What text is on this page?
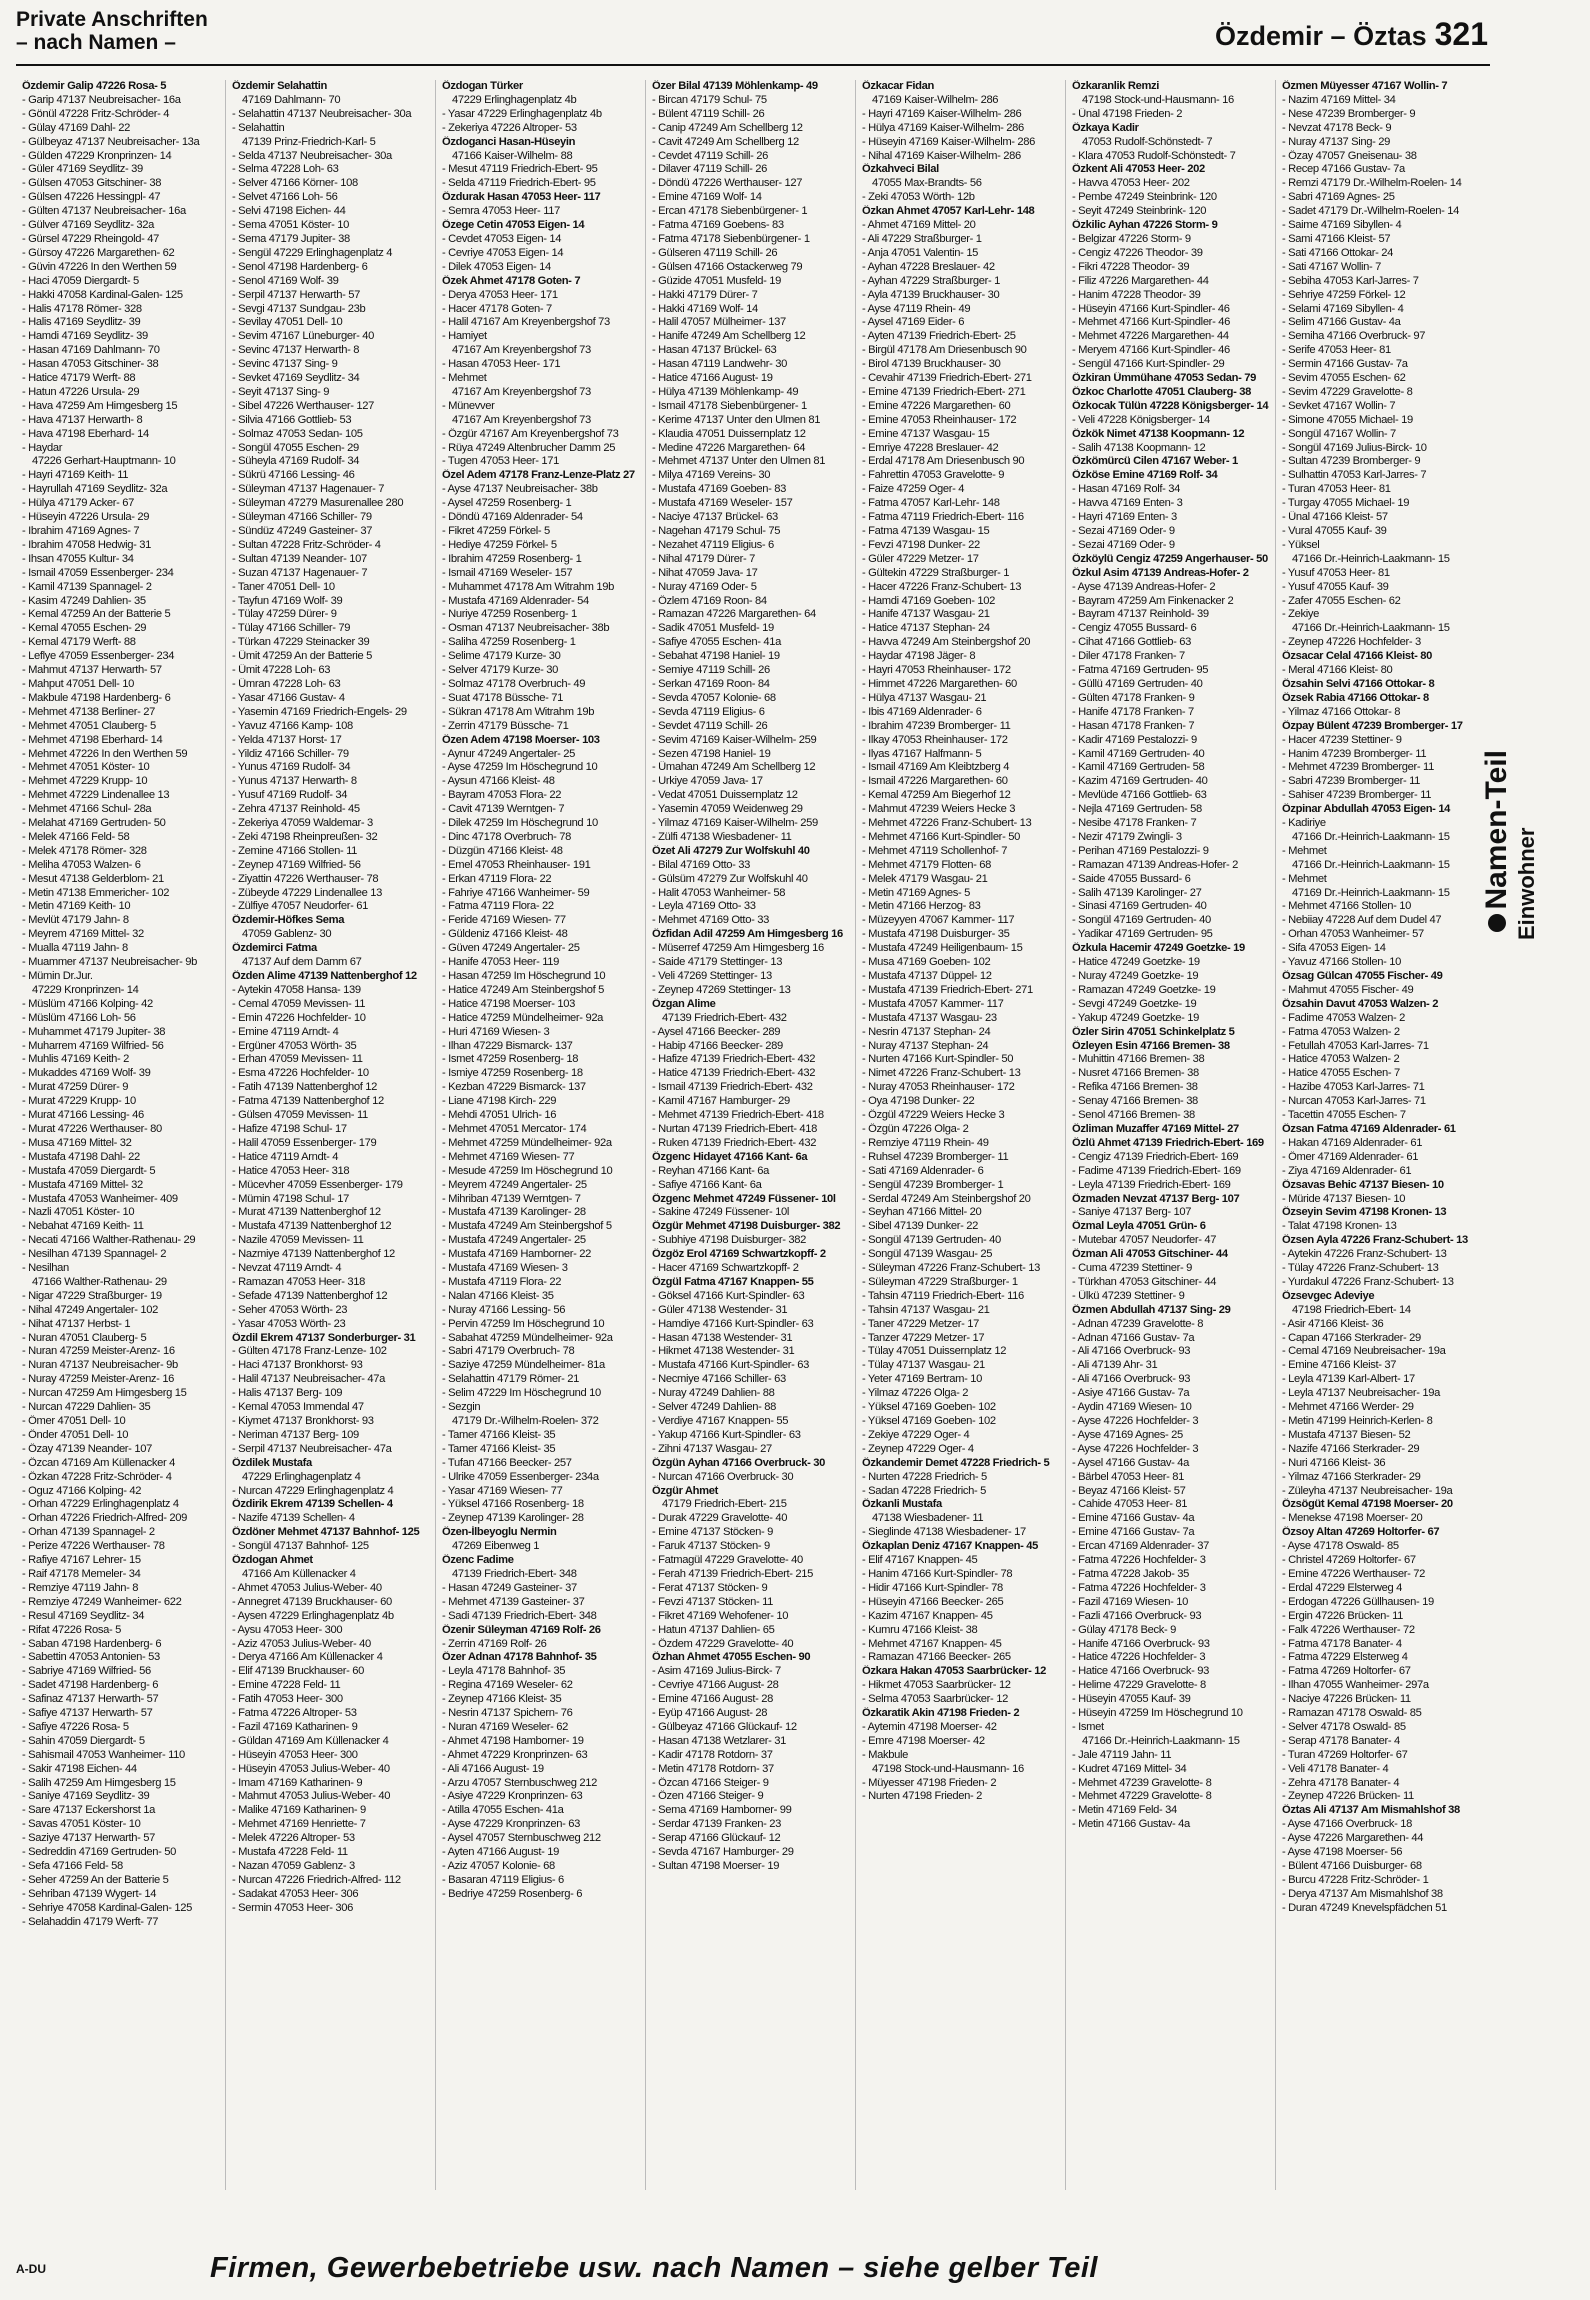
Private Anschriften
– nach Namen –	Özdemir – Öztas 321
Özdemir Galip 47226 Rosa- 5
- Garip 47137 Neubreisacher- 16a
- Gönül 47228 Fritz-Schröder- 4
- Gülay 47169 Dahl- 22
- Gülbeyaz 47137 Neubreisacher- 13a
- Gülden 47229 Kronprinzen- 14
- Güler 47169 Seydlitz- 39
- Gülsen 47053 Gitschiner- 38
- Gülsen 47226 Hessingpl- 47
- Gülten 47137 Neubreisacher- 16a
- Gülver 47169 Seydlitz- 32a
- Gürsel 47229 Rheingold- 47
- Gürsoy 47226 Margarethen- 62
- Güvin 47226 In den Werthen 59
- Haci 47059 Diergardt- 5
- Hakki 47058 Kardinal-Galen- 125
- Halis 47178 Römer- 328
- Halis 47169 Seydlitz- 39
- Hamdi 47169 Seydlitz- 39
- Hasan 47169 Dahlmann- 70
- Hasan 47053 Gitschiner- 38
- Hatice 47179 Werft- 88
- Hatun 47226 Ursula- 29
- Hava 47259 Am Himgesberg 15
- Hava 47137 Herwarth- 8
- Hava 47198 Eberhard- 14
- Haydar
47226 Gerhart-Hauptmann- 10
- Hayri 47169 Keith- 11
- Hayrullah 47169 Seydlitz- 32a
- Hülya 47179 Acker- 67
- Hüseyin 47226 Ursula- 29
- Ibrahim 47169 Agnes- 7
- Ibrahim 47058 Hedwig- 31
- Ihsan 47055 Kultur- 34
- Ismail 47059 Essenberger- 234
- Kamil 47139 Spannagel- 2
- Kasim 47249 Dahlien- 35
- Kemal 47259 An der Batterie 5
- Kemal 47055 Eschen- 29
- Kemal 47179 Werft- 88
- Leflye 47059 Essenberger- 234
- Mahmut 47137 Herwarth- 57
- Mahput 47051 Dell- 10
- Makbule 47198 Hardenberg- 6
- Mehmet 47138 Berliner- 27
- Mehmet 47051 Clauberg- 5
- Mehmet 47198 Eberhard- 14
- Mehmet 47226 In den Werthen 59
- Mehmet 47051 Köster- 10
- Mehmet 47229 Krupp- 10
- Mehmet 47229 Lindenallee 13
- Mehmet 47166 Schul- 28a
- Melahat 47169 Gertruden- 50
- Melek 47166 Feld- 58
- Melek 47178 Römer- 328
- Meliha 47053 Walzen- 6
- Mesut 47138 Gelderblom- 21
- Metin 47138 Emmericher- 102
- Metin 47169 Keith- 10
- Mevlüt 47179 Jahn- 8
- Meyrem 47169 Mittel- 32
- Mualla 47119 Jahn- 8
- Muammer 47137 Neubreisacher- 9b
- Mümin Dr.Jur.
47229 Kronprinzen- 14
- Müslüm 47166 Kolping- 42
- Müslüm 47166 Loh- 56
- Muhammet 47179 Jupiter- 38
- Muharrem 47169 Wilfried- 56
- Muhlis 47169 Keith- 2
- Mukaddes 47169 Wolf- 39
- Murat 47259 Dürer- 9
- Murat 47229 Krupp- 10
- Murat 47166 Lessing- 46
- Murat 47226 Werthauser- 80
- Musa 47169 Mittel- 32
- Mustafa 47198 Dahl- 22
- Mustafa 47059 Diergardt- 5
- Mustafa 47169 Mittel- 32
- Mustafa 47053 Wanheimer- 409
- Nazli 47051 Köster- 10
- Nebahat 47169 Keith- 11
- Necati 47166 Walther-Rathenau- 29
- Nesilhan 47139 Spannagel- 2
- Nesilhan
47166 Walther-Rathenau- 29
- Nigar 47229 Straßburger- 19
- Nihal 47249 Angertaler- 102
- Nihat 47137 Herbst- 1
- Nuran 47051 Clauberg- 5
- Nuran 47259 Meister-Arenz- 16
- Nuran 47137 Neubreisacher- 9b
- Nuray 47259 Meister-Arenz- 16
- Nurcan 47259 Am Himgesberg 15
- Nurcan 47229 Dahlien- 35
- Ömer 47051 Dell- 10
- Önder 47051 Dell- 10
- Özay 47139 Neander- 107
- Özcan 47169 Am Küllenacker 4
- Özkan 47228 Fritz-Schröder- 4
- Oguz 47166 Kolping- 42
- Orhan 47229 Erlinghagenplatz 4
- Orhan 47226 Friedrich-Alfred- 209
- Orhan 47139 Spannagel- 2
- Perize 47226 Werthauser- 78
- Rafiye 47167 Lehrer- 15
- Raif 47178 Memeler- 34
- Remziye 47119 Jahn- 8
- Remziye 47249 Wanheimer- 622
- Resul 47169 Seydlitz- 34
- Rifat 47226 Rosa- 5
- Saban 47198 Hardenberg- 6
- Sabettin 47053 Antonien- 53
- Sabriye 47169 Wilfried- 56
- Sadet 47198 Hardenberg- 6
- Safinaz 47137 Herwarth- 57
- Safiye 47137 Herwarth- 57
- Safiye 47226 Rosa- 5
- Sahin 47059 Diergardt- 5
- Sahismail 47053 Wanheimer- 110
- Sakir 47198 Eichen- 44
- Salih 47259 Am Himgesberg 15
- Saniye 47169 Seydlitz- 39
- Sare 47137 Eckershorst 1a
- Savas 47051 Köster- 10
- Saziye 47137 Herwarth- 57
- Sedreddin 47169 Gertruden- 50
- Sefa 47166 Feld- 58
- Seher 47259 An der Batterie 5
- Sehriban 47139 Wygert- 14
- Sehriye 47058 Kardinal-Galen- 125
- Selahaddin 47179 Werft- 77
Özdemir Selahattin
47169 Dahlmann- 70
- Selahattin 47137 Neubreisacher- 30a
- Selahattin
47139 Prinz-Friedrich-Karl- 5
- Selda 47137 Neubreisacher- 30a
- Selma 47228 Loh- 63
- Selver 47166 Körner- 108
- Selvet 47166 Loh- 56
- Selvi 47198 Eichen- 44
- Sema 47051 Köster- 10
- Sema 47179 Jupiter- 38
- Sengül 47229 Erlinghagenplatz 4
- Senol 47198 Hardenberg- 6
- Senol 47169 Wolf- 39
- Serpil 47137 Herwarth- 57
- Sevgi 47137 Sundgau- 23b
- Sevilay 47051 Dell- 10
- Sevim 47167 Lüneburger- 40
- Sevinc 47137 Herwarth- 8
- Sevinc 47137 Sing- 9
- Sevket 47169 Seydlitz- 34
- Seyit 47137 Sing- 9
- Sibel 47226 Werthauser- 127
- Silvia 47166 Gottlieb- 53
- Solmaz 47053 Sedan- 105
- Songül 47055 Eschen- 29
- Süheyla 47169 Rudolf- 34
- Sükrü 47166 Lessing- 46
- Süleyman 47137 Hagenauer- 7
- Süleyman 47279 Masurenallee 280
- Süleyman 47166 Schiller- 79
- Sündüz 47249 Gasteiner- 37
- Sultan 47228 Fritz-Schröder- 4
- Sultan 47139 Neander- 107
- Suzan 47137 Hagenauer- 7
- Taner 47051 Dell- 10
- Tayfun 47169 Wolf- 39
- Tülay 47259 Dürer- 9
- Tülay 47166 Schiller- 79
- Türkan 47229 Steinacker 39
- Ümit 47259 An der Batterie 5
- Ümit 47228 Loh- 63
- Ümran 47228 Loh- 63
- Yasar 47166 Gustav- 4
- Yasemin 47169 Friedrich-Engels- 29
- Yavuz 47166 Kamp- 108
- Yelda 47137 Horst- 17
- Yildiz 47166 Schiller- 79
- Yunus 47169 Rudolf- 34
- Yunus 47137 Herwarth- 8
- Yusuf 47169 Rudolf- 34
- Zehra 47137 Reinhold- 45
- Zekeriya 47059 Waldemar- 3
- Zeki 47198 Rheinpreußen- 32
- Zemine 47166 Stollen- 11
- Zeynep 47169 Wilfried- 56
- Ziyattin 47226 Werthauser- 78
- Zübeyde 47229 Lindenallee 13
- Zülfiye 47057 Neudorfer- 61
Özdemir-Höfkes Sema
47059 Gablenz- 30
Özdemirci Fatma
47137 Auf dem Damm 67
Özden Alime 47139 Nattenberghof 12
- Aytekin 47058 Hansa- 139
- Cemal 47059 Mevissen- 11
- Emin 47226 Hochfelder- 10
- Emine 47119 Arndt- 4
- Ergüner 47053 Wörth- 35
- Erhan 47059 Mevissen- 11
- Esma 47226 Hochfelder- 10
- Fatih 47139 Nattenberghof 12
- Fatma 47139 Nattenberghof 12
- Gülsen 47059 Mevissen- 11
- Hafize 47198 Schul- 17
- Halil 47059 Essenberger- 179
- Hatice 47119 Arndt- 4
- Hatice 47053 Heer- 318
- Mücevher 47059 Essenberger- 179
- Mümin 47198 Schul- 17
- Murat 47139 Nattenberghof 12
- Mustafa 47139 Nattenberghof 12
- Nazile 47059 Mevissen- 11
- Nazmiye 47139 Nattenberghof 12
- Nevzat 47119 Arndt- 4
- Ramazan 47053 Heer- 318
- Sefade 47139 Nattenberghof 12
- Seher 47053 Wörth- 23
- Yasar 47053 Wörth- 23
Özdil Ekrem 47137 Sonderburger- 31
- Gülten 47178 Franz-Lenze- 102
- Haci 47137 Bronkhorst- 93
- Halil 47137 Neubreisacher- 47a
- Halis 47137 Berg- 109
- Kemal 47053 Immendal 47
- Kiymet 47137 Bronkhorst- 93
- Neriman 47137 Berg- 109
- Serpil 47137 Neubreisacher- 47a
Özdilek Mustafa
47229 Erlinghagenplatz 4
- Nurcan 47229 Erlinghagenplatz 4
Özdirik Ekrem 47139 Schellen- 4
- Nazife 47139 Schellen- 4
Özdöner Mehmet 47137 Bahnhof- 125
- Songül 47137 Bahnhof- 125
Özdogan Ahmet
47166 Am Küllenacker 4
- Ahmet 47053 Julius-Weber- 40
- Annegret 47139 Bruckhauser- 60
- Aysen 47229 Erlinghagenplatz 4b
- Aysu 47053 Heer- 300
- Aziz 47053 Julius-Weber- 40
- Derya 47166 Am Küllenacker 4
- Elif 47139 Bruckhauser- 60
- Emine 47228 Feld- 11
- Fatih 47053 Heer- 300
- Fatma 47226 Altroper- 53
- Fazil 47169 Katharinen- 9
- Güldan 47169 Am Küllenacker 4
- Hüseyin 47053 Heer- 300
- Hüseyin 47053 Julius-Weber- 40
- Imam 47169 Katharinen- 9
- Mahmut 47053 Julius-Weber- 40
- Malike 47169 Katharinen- 9
- Mehmet 47169 Henriette- 7
- Melek 47226 Altroper- 53
- Mustafa 47228 Feld- 11
- Nazan 47059 Gablenz- 3
- Nurcan 47226 Friedrich-Alfred- 112
- Sadakat 47053 Heer- 306
- Sermin 47053 Heer- 306
Özdogan Türker
47229 Erlinghagenplatz 4b
- Yasar 47229 Erlinghagenplatz 4b
- Zekeriya 47226 Altroper- 53
Özdoganci Hasan-Hüseyin
47166 Kaiser-Wilhelm- 88
- Mesut 47119 Friedrich-Ebert- 95
- Selda 47119 Friedrich-Ebert- 95
Özdurak Hasan 47053 Heer- 117
- Semra 47053 Heer- 117
Özege Cetin 47053 Eigen- 14
- Cevdet 47053 Eigen- 14
- Cevriye 47053 Eigen- 14
- Dilek 47053 Eigen- 14
Özek Ahmet 47178 Goten- 7
- Derya 47053 Heer- 171
- Hacer 47178 Goten- 7
- Halil 47167 Am Kreyenbergshof 73
- Hamiyet
47167 Am Kreyenbergshof 73
- Hasan 47053 Heer- 171
- Mehmet
47167 Am Kreyenbergshof 73
- Münevver
47167 Am Kreyenbergshof 73
- Özgür 47167 Am Kreyenbergshof 73
- Rüya 47249 Altenbrucher Damm 25
- Tugen 47053 Heer- 171
Özel Adem 47178 Franz-Lenze-Platz 27
- Ayse 47137 Neubreisacher- 38b
- Aysel 47259 Rosenberg- 1
- Döndü 47169 Aldenrader- 54
- Fikret 47259 Förkel- 5
- Hediye 47259 Förkel- 5
- Ibrahim 47259 Rosenberg- 1
- Ismail 47169 Weseler- 157
- Muhammet 47178 Am Witrahm 19b
- Mustafa 47169 Aldenrader- 54
- Nuriye 47259 Rosenberg- 1
- Osman 47137 Neubreisacher- 38b
- Saliha 47259 Rosenberg- 1
- Selime 47179 Kurze- 30
- Selver 47179 Kurze- 30
- Solmaz 47178 Overbruch- 49
- Suat 47178 Büssche- 71
- Sükran 47178 Am Witrahm 19b
- Zerrin 47179 Büssche- 71
Özen Adem 47198 Moerser- 103
- Aynur 47249 Angertaler- 25
- Ayse 47259 Im Höschegrund 10
- Aysun 47166 Kleist- 48
- Bayram 47053 Flora- 22
- Cavit 47139 Werntgen- 7
- Dilek 47259 Im Höschegrund 10
- Dinc 47178 Overbruch- 78
- Düzgün 47166 Kleist- 48
- Emel 47053 Rheinhauser- 191
- Erkan 47119 Flora- 22
- Fahriye 47166 Wanheimer- 59
- Fatma 47119 Flora- 22
- Feride 47169 Wiesen- 77
- Güldeniz 47166 Kleist- 48
- Güven 47249 Angertaler- 25
- Hanife 47053 Heer- 119
- Hasan 47259 Im Höschegrund 10
- Hatice 47249 Am Steinbergshof 5
- Hatice 47198 Moerser- 103
- Hatice 47259 Mündelheimer- 92a
- Huri 47169 Wiesen- 3
- Ilhan 47229 Bismarck- 137
- Ismet 47259 Rosenberg- 18
- Ismiye 47259 Rosenberg- 18
- Kezban 47229 Bismarck- 137
- Liane 47198 Kirch- 229
- Mehdi 47051 Ulrich- 16
- Mehmet 47051 Mercator- 174
- Mehmet 47259 Mündelheimer- 92a
- Mehmet 47169 Wiesen- 77
- Mesude 47259 Im Höschegrund 10
- Meyrem 47249 Angertaler- 25
- Mihriban 47139 Werntgen- 7
- Mustafa 47139 Karolinger- 28
- Mustafa 47249 Am Steinbergshof 5
- Mustafa 47249 Angertaler- 25
- Mustafa 47169 Hamborner- 22
- Mustafa 47169 Wiesen- 3
- Mustafa 47119 Flora- 22
- Nalan 47166 Kleist- 35
- Nuray 47166 Lessing- 56
- Pervin 47259 Im Höschegrund 10
- Sabahat 47259 Mündelheimer- 92a
- Sabri 47179 Overbruch- 78
- Saziye 47259 Mündelheimer- 81a
- Selahattin 47179 Römer- 21
- Selim 47229 Im Höschegrund 10
- Sezgin
47179 Dr.-Wilhelm-Roelen- 372
- Tamer 47166 Kleist- 35
- Tamer 47166 Kleist- 35
- Tufan 47166 Beecker- 257
- Ulrike 47059 Essenberger- 234a
- Yasar 47169 Wiesen- 77
- Yüksel 47166 Rosenberg- 18
- Zeynep 47139 Karolinger- 28
Özen-İlbeyoglu Nermin
47269 Eibenweg 1
Özenc Fadime
47139 Friedrich-Ebert- 348
- Hasan 47249 Gasteiner- 37
- Mehmet 47139 Gasteiner- 37
- Sadi 47139 Friedrich-Ebert- 348
Özenir Süleyman 47169 Rolf- 26
- Zerrin 47169 Rolf- 26
Özer Adnan 47178 Bahnhof- 35
- Leyla 47178 Bahnhof- 35
- Regina 47169 Weseler- 62
- Zeynep 47166 Kleist- 35
- Nesrin 47137 Spichern- 76
- Nuran 47169 Weseler- 62
- Ahmet 47198 Hamborner- 19
- Ahmet 47229 Kronprinzen- 63
- Ali 47166 August- 19
- Arzu 47057 Sternbuschweg 212
- Asiye 47229 Kronprinzen- 63
- Atilla 47055 Eschen- 41a
- Ayse 47229 Kronprinzen- 63
- Aysel 47057 Sternbuschweg 212
- Ayten 47166 August- 19
- Aziz 47057 Kolonie- 68
- Basaran 47119 Eligius- 6
- Bedriye 47259 Rosenberg- 6
Özer Bilal 47139 Möhlenkamp- 49
- Bircan 47179 Schul- 75
- Bülent 47119 Schill- 26
- Canip 47249 Am Schellberg 12
- Cavit 47249 Am Schellberg 12
- Cevdet 47119 Schill- 26
- Dilaver 47119 Schill- 26
- Döndü 47226 Werthauser- 127
- Emine 47169 Wolf- 14
- Ercan 47178 Siebenbürgener- 1
- Fatma 47169 Goebens- 83
- Fatma 47178 Siebenbürgener- 1
- Gülseren 47119 Schill- 26
- Gülsen 47166 Ostackerweg 79
- Güzide 47051 Musfeld- 19
- Hakki 47179 Dürer- 7
- Hakki 47169 Wolf- 14
- Halil 47057 Mülheimer- 137
- Hanife 47249 Am Schellberg 12
- Hasan 47137 Brückel- 63
- Hasan 47119 Landwehr- 30
- Hatice 47166 August- 19
- Hülya 47139 Möhlenkamp- 49
- Ismail 47178 Siebenbürgener- 1
- Kerime 47137 Unter den Ulmen 81
- Klaudia 47051 Duissernplatz 12
- Medine 47226 Margarethen- 64
- Mehmet 47137 Unter den Ulmen 81
- Milya 47169 Vereins- 30
- Mustafa 47169 Goeben- 83
- Mustafa 47169 Weseler- 157
- Naciye 47137 Brückel- 63
- Nagehan 47179 Schul- 75
- Nezahet 47119 Eligius- 6
- Nihal 47179 Dürer- 7
- Nihat 47059 Java- 17
- Nuray 47169 Oder- 5
- Özlem 47169 Roon- 84
- Ramazan 47226 Margarethen- 64
- Sadik 47051 Musfeld- 19
- Safiye 47055 Eschen- 41a
- Sebahat 47198 Haniel- 19
- Semiye 47119 Schill- 26
- Serkan 47169 Roon- 84
- Sevda 47057 Kolonie- 68
- Sevda 47119 Eligius- 6
- Sevdet 47119 Schill- 26
- Sevim 47169 Kaiser-Wilhelm- 259
- Sezen 47198 Haniel- 19
- Ümahan 47249 Am Schellberg 12
- Urkiye 47059 Java- 17
- Vedat 47051 Duissernplatz 12
- Yasemin 47059 Weidenweg 29
- Yilmaz 47169 Kaiser-Wilhelm- 259
- Zülfi 47138 Wiesbadener- 11
Özet Ali 47279 Zur Wolfskuhl 40
- Bilal 47169 Otto- 33
- Gülsüm 47279 Zur Wolfskuhl 40
- Halit 47053 Wanheimer- 58
- Leyla 47169 Otto- 33
- Mehmet 47169 Otto- 33
Özfidan Adil 47259 Am Himgesberg 16
- Müserref 47259 Am Himgesberg 16
- Saide 47179 Stettinger- 13
- Veli 47269 Stettinger- 13
- Zeynep 47269 Stettinger- 13
Özgan Alime
47139 Friedrich-Ebert- 432
- Aysel 47166 Beecker- 289
- Habip 47166 Beecker- 289
- Hafize 47139 Friedrich-Ebert- 432
- Hatice 47139 Friedrich-Ebert- 432
- Ismail 47139 Friedrich-Ebert- 432
- Kamil 47167 Hamburger- 29
- Mehmet 47139 Friedrich-Ebert- 418
- Nurtan 47139 Friedrich-Ebert- 418
- Ruken 47139 Friedrich-Ebert- 432
Özgenc Hidayet 47166 Kant- 6a
- Reyhan 47166 Kant- 6a
- Safiye 47166 Kant- 6a
Özgenc Mehmet 47249 Füssener- 10l
- Sakine 47249 Füssener- 10l
Özgür Mehmet 47198 Duisburger- 382
- Subhiye 47198 Duisburger- 382
Özgöz Erol 47169 Schwartzkopff- 2
- Hacer 47169 Schwartzkopff- 2
Özgül Fatma 47167 Knappen- 55
- Göksel 47166 Kurt-Spindler- 63
- Güler 47138 Westender- 31
- Hamdiye 47166 Kurt-Spindler- 63
- Hasan 47138 Westender- 31
- Hikmet 47138 Westender- 31
- Mustafa 47166 Kurt-Spindler- 63
- Necmiye 47166 Schiller- 63
- Nuray 47249 Dahlien- 88
- Selver 47249 Dahlien- 88
- Verdiye 47167 Knappen- 55
- Yakup 47166 Kurt-Spindler- 63
- Zihni 47137 Wasgau- 27
Özgün Ayhan 47166 Overbruck- 30
- Nurcan 47166 Overbruck- 30
Özgür Ahmet
47179 Friedrich-Ebert- 215
- Durak 47229 Gravelotte- 40
- Emine 47137 Stöcken- 9
- Faruk 47137 Stöcken- 9
- Fatmagül 47229 Gravelotte- 40
- Ferah 47139 Friedrich-Ebert- 215
- Ferat 47137 Stöcken- 9
- Fevzi 47137 Stöcken- 11
- Fikret 47169 Wehofener- 10
- Hatun 47137 Dahlien- 65
- Özdem 47229 Gravelotte- 40
Özhan Ahmet 47055 Eschen- 90
- Asim 47169 Julius-Birck- 7
- Cevriye 47166 August- 28
- Emine 47166 August- 28
- Eyüp 47166 August- 28
- Gülbeyaz 47166 Glückauf- 12
- Hasan 47138 Wetzlarer- 31
- Kadir 47178 Rotdorn- 37
- Metin 47178 Rotdorn- 37
- Özcan 47166 Steiger- 9
- Özen 47166 Steiger- 9
- Sema 47169 Hamborner- 99
- Serdar 47139 Franken- 23
- Serap 47166 Glückauf- 12
- Sevda 47167 Hamburger- 29
- Sultan 47198 Moerser- 19
Özkacar Fidan
47169 Kaiser-Wilhelm- 286
- Hayri 47169 Kaiser-Wilhelm- 286
- Hülya 47169 Kaiser-Wilhelm- 286
- Hüseyin 47169 Kaiser-Wilhelm- 286
- Nihal 47169 Kaiser-Wilhelm- 286
Özkahveci Bilal
47055 Max-Brandts- 56
- Zeki 47053 Wörth- 12b
Özkan Ahmet 47057 Karl-Lehr- 148
- Ahmet 47169 Mittel- 20
- Ali 47229 Straßburger- 1
- Anja 47051 Valentin- 15
- Ayhan 47228 Breslauer- 42
- Ayhan 47229 Straßburger- 1
- Ayla 47139 Bruckhauser- 30
- Ayse 47119 Rhein- 49
- Aysel 47169 Eider- 6
- Ayten 47139 Friedrich-Ebert- 25
- Birgül 47178 Am Driesenbusch 90
- Birol 47139 Bruckhauser- 30
- Cevahir 47139 Friedrich-Ebert- 271
- Emine 47139 Friedrich-Ebert- 271
- Emine 47226 Margarethen- 60
- Emine 47053 Rheinhauser- 172
- Emine 47137 Wasgau- 15
- Emriye 47228 Breslauer- 42
- Erdal 47178 Am Driesenbusch 90
- Fahrettin 47053 Gravelotte- 9
- Faize 47259 Oger- 4
- Fatma 47057 Karl-Lehr- 148
- Fatma 47119 Friedrich-Ebert- 116
- Fatma 47139 Wasgau- 15
- Fevzi 47198 Dunker- 22
- Güler 47229 Metzer- 17
- Gültekin 47229 Straßburger- 1
- Hacer 47226 Franz-Schubert- 13
- Hamdi 47169 Goeben- 102
- Hanife 47137 Wasgau- 21
- Hatice 47137 Stephan- 24
- Havva 47249 Am Steinbergshof 20
- Haydar 47198 Jäger- 8
- Hayri 47053 Rheinhauser- 172
- Himmet 47226 Margarethen- 60
- Hülya 47137 Wasgau- 21
- Ibis 47169 Aldenrader- 6
- Ibrahim 47239 Bromberger- 11
- Ilkay 47053 Rheinhauser- 172
- Ilyas 47167 Halfmann- 5
- Ismail 47169 Am Kleibtzberg 4
- Ismail 47226 Margarethen- 60
- Kemal 47259 Am Biegerhof 12
- Mahmut 47239 Weiers Hecke 3
- Mehmet 47226 Franz-Schubert- 13
- Mehmet 47166 Kurt-Spindler- 50
- Mehmet 47119 Schollenhof- 7
- Mehmet 47179 Flotten- 68
- Melek 47179 Wasgau- 21
- Metin 47169 Agnes- 5
- Metin 47166 Herzog- 83
- Müzeyyen 47067 Kammer- 117
- Mustafa 47198 Duisburger- 35
- Mustafa 47249 Heiligenbaum- 15
- Musa 47169 Goeben- 102
- Mustafa 47137 Düppel- 12
- Mustafa 47139 Friedrich-Ebert- 271
- Mustafa 47057 Kammer- 117
- Mustafa 47137 Wasgau- 23
- Nesrin 47137 Stephan- 24
- Nuray 47137 Stephan- 24
- Nurten 47166 Kurt-Spindler- 50
- Nimet 47226 Franz-Schubert- 13
- Nuray 47053 Rheinhauser- 172
- Oya 47198 Dunker- 22
- Özgül 47229 Weiers Hecke 3
- Özgün 47226 Olga- 2
- Remziye 47119 Rhein- 49
- Ruhsel 47239 Bromberger- 11
- Sati 47169 Aldenrader- 6
- Sengül 47239 Bromberger- 1
- Serdal 47249 Am Steinbergshof 20
- Seyhan 47166 Mittel- 20
- Sibel 47139 Dunker- 22
- Songül 47139 Gertruden- 40
- Songül 47139 Wasgau- 25
- Süleyman 47226 Franz-Schubert- 13
- Süleyman 47229 Straßburger- 1
- Tahsin 47119 Friedrich-Ebert- 116
- Tahsin 47137 Wasgau- 21
- Taner 47229 Metzer- 17
- Tanzer 47229 Metzer- 17
- Tülay 47051 Duissernplatz 12
- Tülay 47137 Wasgau- 21
- Yeter 47169 Bertram- 10
- Yilmaz 47226 Olga- 2
- Yüksel 47169 Goeben- 102
- Yüksel 47169 Goeben- 102
- Zekiye 47229 Oger- 4
- Zeynep 47229 Oger- 4
Özkandemir Demet 47228 Friedrich- 5
- Nurten 47228 Friedrich- 5
- Sadan 47228 Friedrich- 5
Özkanli Mustafa
47138 Wiesbadener- 11
- Sieglinde 47138 Wiesbadener- 17
Özkaplan Deniz 47167 Knappen- 45
- Elif 47167 Knappen- 45
- Hanim 47166 Kurt-Spindler- 78
- Hidir 47166 Kurt-Spindler- 78
- Hüseyin 47166 Beecker- 265
- Kazim 47167 Knappen- 45
- Kumru 47166 Kleist- 38
- Mehmet 47167 Knappen- 45
- Ramazan 47166 Beecker- 265
Özkara Hakan 47053 Saarbrücker- 12
- Hikmet 47053 Saarbrücker- 12
- Selma 47053 Saarbrücker- 12
Özkaratik Akin 47198 Frieden- 2
- Aytemin 47198 Moerser- 42
- Emre 47198 Moerser- 42
- Makbule
47198 Stock-und-Hausmann- 16
- Müyesser 47198 Frieden- 2
- Nurten 47198 Frieden- 2
Özkaranlik Remzi
47198 Stock-und-Hausmann- 16
- Ünal 47198 Frieden- 2
Özkaya Kadir
47053 Rudolf-Schönstedt- 7
- Klara 47053 Rudolf-Schönstedt- 7
Özkent Ali 47053 Heer- 202
- Havva 47053 Heer- 202
- Pembe 47249 Steinbrink- 120
- Seyit 47249 Steinbrink- 120
Özkilic Ayhan 47226 Storm- 9
- Belgizar 47226 Storm- 9
- Cengiz 47226 Theodor- 39
- Fikri 47228 Theodor- 39
- Filiz 47226 Margarethen- 44
- Hanim 47228 Theodor- 39
- Hüseyin 47166 Kurt-Spindler- 46
- Mehmet 47166 Kurt-Spindler- 46
- Mehmet 47226 Margarethen- 44
- Meryem 47166 Kurt-Spindler- 46
- Sengül 47166 Kurt-Spindler- 29
Özkiran Ümmühane 47053 Sedan- 79
Özkoc Charlotte 47051 Clauberg- 38
Özkocak Tülün 47228 Königsberger- 14
- Veli 47228 Königsberger- 14
Özkök Nimet 47138 Koopmann- 12
- Salih 47138 Koopmann- 12
Özkömürcü Cilen 47167 Weber- 1
Özköse Emine 47169 Rolf- 34
- Hasan 47169 Rolf- 34
- Havva 47169 Enten- 3
- Hayri 47169 Enten- 3
- Sezai 47169 Oder- 9
- Sezai 47169 Oder- 9
Özköylü Cengiz 47259 Angerhauser- 50
Özkul Asim 47139 Andreas-Hofer- 2
- Ayse 47139 Andreas-Hofer- 2
- Bayram 47259 Am Finkenacker 2
- Bayram 47137 Reinhold- 39
- Cengiz 47055 Bussard- 6
- Cihat 47166 Gottlieb- 63
- Diler 47178 Franken- 7
- Fatma 47169 Gertruden- 95
- Güllü 47169 Gertruden- 40
- Gülten 47178 Franken- 9
- Hanife 47178 Franken- 7
- Hasan 47178 Franken- 7
- Kadir 47169 Pestalozzi- 9
- Kamil 47169 Gertruden- 40
- Kamil 47169 Gertruden- 58
- Kazim 47169 Gertruden- 40
- Mevlüde 47166 Gottlieb- 63
- Nejla 47169 Gertruden- 58
- Nesibe 47178 Franken- 7
- Nezir 47179 Zwingli- 3
- Perihan 47169 Pestalozzi- 9
- Ramazan 47139 Andreas-Hofer- 2
- Saide 47055 Bussard- 6
- Salih 47139 Karolinger- 27
- Sinasi 47169 Gertruden- 40
- Songül 47169 Gertruden- 40
- Yadikar 47169 Gertruden- 95
Özkula Hacemir 47249 Goetzke- 19
- Hatice 47249 Goetzke- 19
- Nuray 47249 Goetzke- 19
- Ramazan 47249 Goetzke- 19
- Sevgi 47249 Goetzke- 19
- Yakup 47249 Goetzke- 19
Özler Sirin 47051 Schinkelplatz 5
Özleyen Esin 47166 Bremen- 38
- Muhittin 47166 Bremen- 38
- Nusret 47166 Bremen- 38
- Refika 47166 Bremen- 38
- Senay 47166 Bremen- 38
- Senol 47166 Bremen- 38
Özliman Muzaffer 47169 Mittel- 27
Özlü Ahmet 47139 Friedrich-Ebert- 169
- Cengiz 47139 Friedrich-Ebert- 169
- Fadime 47139 Friedrich-Ebert- 169
- Leyla 47139 Friedrich-Ebert- 169
Özmaden Nevzat 47137 Berg- 107
- Saniye 47137 Berg- 107
Özmal Leyla 47051 Grün- 6
- Mutebar 47057 Neudorfer- 47
Özman Ali 47053 Gitschiner- 44
- Cuma 47239 Stettiner- 9
- Türkhan 47053 Gitschiner- 44
- Ülkü 47239 Stettiner- 9
Özmen Abdullah 47137 Sing- 29
- Adnan 47239 Gravelotte- 8
- Adnan 47166 Gustav- 7a
- Ali 47166 Overbruck- 93
- Ali 47139 Ahr- 31
- Ali 47166 Overbruck- 93
- Asiye 47166 Gustav- 7a
- Aydin 47169 Wiesen- 10
- Ayse 47226 Hochfelder- 3
- Ayse 47169 Agnes- 25
- Ayse 47226 Hochfelder- 3
- Aysel 47166 Gustav- 4a
- Bärbel 47053 Heer- 81
- Beyaz 47166 Kleist- 57
- Cahide 47053 Heer- 81
- Emine 47166 Gustav- 4a
- Emine 47166 Gustav- 7a
- Ercan 47169 Aldenrader- 37
- Fatma 47226 Hochfelder- 3
- Fatma 47228 Jakob- 35
- Fatma 47226 Hochfelder- 3
- Fazil 47169 Wiesen- 10
- Fazli 47166 Overbruck- 93
- Gülay 47178 Beck- 9
- Hanife 47166 Overbruck- 93
- Hatice 47226 Hochfelder- 3
- Hatice 47166 Overbruck- 93
- Helime 47229 Gravelotte- 8
- Hüseyin 47055 Kauf- 39
- Hüseyin 47259 Im Höschegrund 10
- Ismet
47166 Dr.-Heinrich-Laakmann- 15
- Jale 47119 Jahn- 11
- Kudret 47169 Mittel- 34
- Mehmet 47239 Gravelotte- 8
- Mehmet 47229 Gravelotte- 8
- Metin 47169 Feld- 34
- Metin 47166 Gustav- 4a
Özmen Müyesser 47167 Wollin- 7
- Nazim 47169 Mittel- 34
- Nese 47239 Bromberger- 9
- Nevzat 47178 Beck- 9
- Nuray 47137 Sing- 29
- Özay 47057 Gneisenau- 38
- Recep 47166 Gustav- 7a
- Remzi 47179 Dr.-Wilhelm-Roelen- 14
- Sabri 47169 Agnes- 25
- Sadet 47179 Dr.-Wilhelm-Roelen- 14
- Saime 47169 Sibyllen- 4
- Sami 47166 Kleist- 57
- Sati 47166 Ottokar- 24
- Sati 47167 Wollin- 7
- Sebiha 47053 Karl-Jarres- 7
- Sehriye 47259 Förkel- 12
- Selami 47169 Sibyllen- 4
- Selim 47166 Gustav- 4a
- Semiha 47166 Overbruck- 97
- Serife 47053 Heer- 81
- Sermin 47166 Gustav- 7a
- Sevim 47055 Eschen- 62
- Sevim 47229 Gravelotte- 8
- Sevket 47167 Wollin- 7
- Simone 47055 Michael- 19
- Songül 47167 Wollin- 7
- Songül 47169 Julius-Birck- 10
- Sultan 47239 Bromberger- 9
- Sulhattin 47053 Karl-Jarres- 7
- Turan 47053 Heer- 81
- Turgay 47055 Michael- 19
- Ünal 47166 Kleist- 57
- Vural 47055 Kauf- 39
- Yüksel
47166 Dr.-Heinrich-Laakmann- 15
- Yusuf 47053 Heer- 81
- Yusuf 47055 Kauf- 39
- Zafer 47055 Eschen- 62
- Zekiye
47166 Dr.-Heinrich-Laakmann- 15
- Zeynep 47226 Hochfelder- 3
Özsacar Celal 47166 Kleist- 80
- Meral 47166 Kleist- 80
Özsahin Selvi 47166 Ottokar- 8
Özsek Rabia 47166 Ottokar- 8
- Yilmaz 47166 Ottokar- 8
Özpay Bülent 47239 Bromberger- 17
- Hacer 47239 Stettiner- 9
- Hanim 47239 Bromberger- 11
- Mehmet 47239 Bromberger- 11
- Sabri 47239 Bromberger- 11
- Sahiser 47239 Bromberger- 11
Özpinar Abdullah 47053 Eigen- 14
- Kadiriye
47166 Dr.-Heinrich-Laakmann- 15
- Mehmet
47166 Dr.-Heinrich-Laakmann- 15
- Mehmet
47169 Dr.-Heinrich-Laakmann- 15
- Mehmet 47166 Stollen- 10
- Nebiiay 47228 Auf dem Dudel 47
- Orhan 47053 Wanheimer- 57
- Sifa 47053 Eigen- 14
- Yavuz 47166 Stollen- 10
Özsag Gülcan 47055 Fischer- 49
- Mahmut 47055 Fischer- 49
Özsahin Davut 47053 Walzen- 2
- Fadime 47053 Walzen- 2
- Fatma 47053 Walzen- 2
- Fetullah 47053 Karl-Jarres- 71
- Hatice 47053 Walzen- 2
- Hatice 47055 Eschen- 7
- Hazibe 47053 Karl-Jarres- 71
- Nurcan 47053 Karl-Jarres- 71
- Tacettin 47055 Eschen- 7
Özsan Fatma 47169 Aldenrader- 61
- Hakan 47169 Aldenrader- 61
- Ömer 47169 Aldenrader- 61
- Ziya 47169 Aldenrader- 61
Özsavas Behic 47137 Biesen- 10
- Müride 47137 Biesen- 10
Özseyin Sevim 47198 Kronen- 13
- Talat 47198 Kronen- 13
Özsen Ayla 47226 Franz-Schubert- 13
- Aytekin 47226 Franz-Schubert- 13
- Tülay 47226 Franz-Schubert- 13
- Yurdakul 47226 Franz-Schubert- 13
Özsevgec Adeviye
47198 Friedrich-Ebert- 14
- Asir 47166 Kleist- 36
- Capan 47166 Sterkrader- 29
- Cemal 47169 Neubreisacher- 19a
- Emine 47166 Kleist- 37
- Leyla 47139 Karl-Albert- 17
- Leyla 47137 Neubreisacher- 19a
- Mehmet 47166 Werder- 29
- Metin 47199 Heinrich-Kerlen- 8
- Mustafa 47137 Biesen- 52
- Nazife 47166 Sterkrader- 29
- Nuri 47166 Kleist- 36
- Yilmaz 47166 Sterkrader- 29
- Züleyha 47137 Neubreisacher- 19a
Özsögüt Kemal 47198 Moerser- 20
- Menekse 47198 Moerser- 20
Özsoy Altan 47269 Holtorfer- 67
- Ayse 47178 Oswald- 85
- Christel 47269 Holtorfer- 67
- Emine 47226 Werthauser- 72
- Erdal 47229 Elsterweg 4
- Erdogan 47226 Güllhausen- 19
- Ergin 47226 Brücken- 11
- Falk 47226 Werthauser- 72
- Fatma 47178 Banater- 4
- Fatma 47229 Elsterweg 4
- Fatma 47269 Holtorfer- 67
- Ilhan 47055 Wanheimer- 297a
- Naciye 47226 Brücken- 11
- Ramazan 47178 Oswald- 85
- Selver 47178 Oswald- 85
- Serap 47178 Banater- 4
- Turan 47269 Holtorfer- 67
- Veli 47178 Banater- 4
- Zehra 47178 Banater- 4
- Zeynep 47226 Brücken- 11
Öztas Ali 47137 Am Mismahlshof 38
- Ayse 47166 Overbruck- 18
- Ayse 47226 Margarethen- 44
- Ayse 47198 Moerser- 56
- Bülent 47166 Duisburger- 68
- Burcu 47228 Fritz-Schröder- 1
- Derya 47137 Am Mismahlshof 38
- Duran 47249 Knevelspfädchen 51
Namen-Teil
Einwohner
A-DU	Firmen, Gewerbebetriebe usw. nach Namen – siehe gelber Teil
